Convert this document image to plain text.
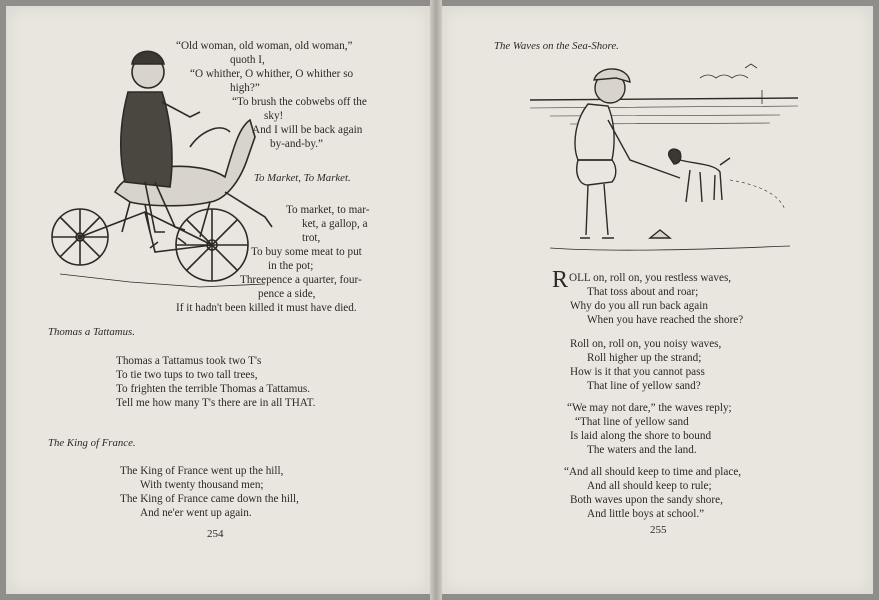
“Old woman, old woman, old woman,”
quoth I,
“O whither, O whither, O whither so
high?”
“To brush the cobwebs off the
sky!
And I will be back again
by-and-by.”
To Market, To Market.
To market, to mar-
ket, a gallop, a
trot,
To buy some meat to put
in the pot;
Threepence a quarter, four-
pence a side,
If it hadn't been killed it must have died.
Thomas a Tattamus.
Thomas a Tattamus took two T's
To tie two tups to two tall trees,
To frighten the terrible Thomas a Tattamus.
Tell me how many T's there are in all THAT.
The King of France.
The King of France went up the hill,
With twenty thousand men;
The King of France came down the hill,
And ne'er went up again.
254
The Waves on the Sea-Shore.
ROLL on, roll on, you restless waves,
That toss about and roar;
Why do you all run back again
When you have reached the shore?
Roll on, roll on, you noisy waves,
Roll higher up the strand;
How is it that you cannot pass
That line of yellow sand?
“We may not dare,” the waves reply;
“That line of yellow sand
Is laid along the shore to bound
The waters and the land.
“And all should keep to time and place,
And all should keep to rule;
Both waves upon the sandy shore,
And little boys at school.”
255
